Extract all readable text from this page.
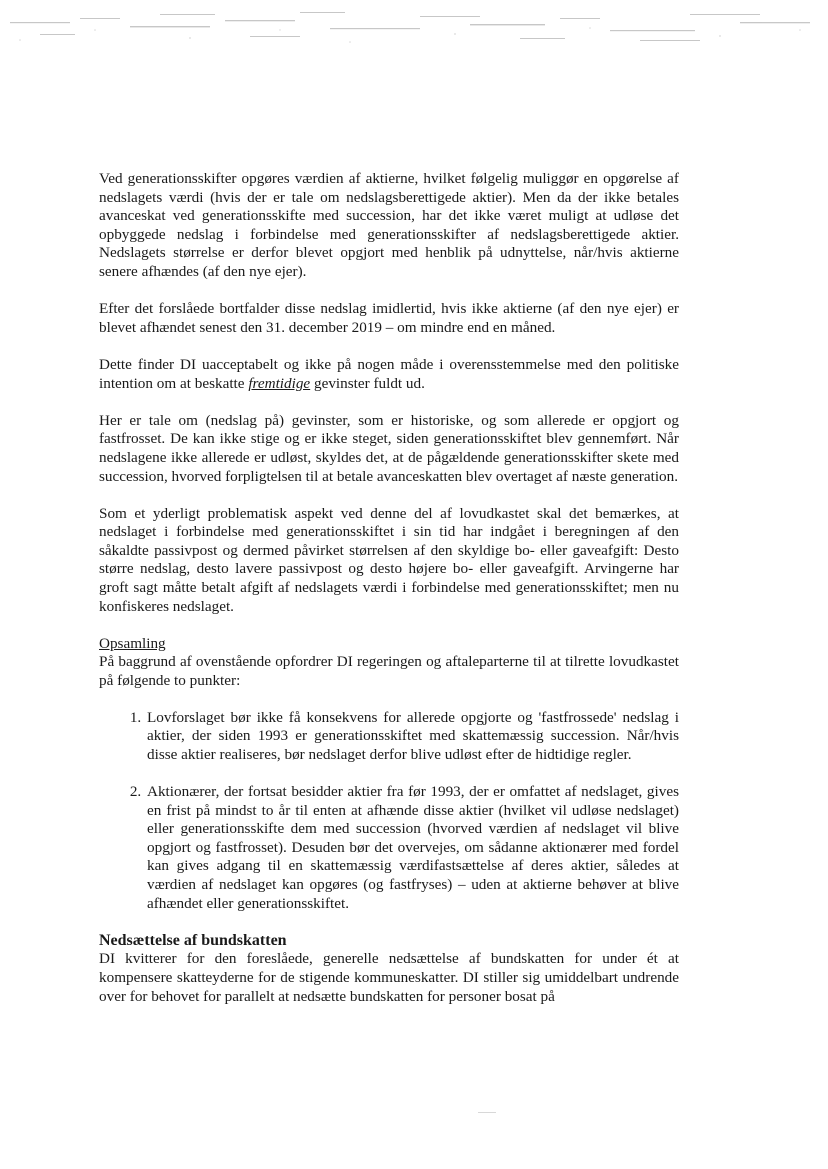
Ved generationsskifter opgøres værdien af aktierne, hvilket følgelig muliggør en opgørelse af nedslagets værdi (hvis der er tale om nedslagsberettigede aktier). Men da der ikke betales avanceskat ved generationsskifte med succession, har det ikke været muligt at udløse det opbyggede nedslag i forbindelse med generationsskifter af nedslagsberettigede aktier. Nedslagets størrelse er derfor blevet opgjort med henblik på udnyttelse, når/hvis aktierne senere afhændes (af den nye ejer).

Efter det forslåede bortfalder disse nedslag imidlertid, hvis ikke aktierne (af den nye ejer) er blevet afhændet senest den 31. december 2019 – om mindre end en måned.

Dette finder DI uacceptabelt og ikke på nogen måde i overensstemmelse med den politiske intention om at beskatte fremtidige gevinster fuldt ud.

Her er tale om (nedslag på) gevinster, som er historiske, og som allerede er opgjort og fastfrosset. De kan ikke stige og er ikke steget, siden generationsskiftet blev gennemført. Når nedslagene ikke allerede er udløst, skyldes det, at de pågældende generationsskifter skete med succession, hvorved forpligtelsen til at betale avanceskatten blev overtaget af næste generation.

Som et yderligt problematisk aspekt ved denne del af lovudkastet skal det bemærkes, at nedslaget i forbindelse med generationsskiftet i sin tid har indgået i beregningen af den såkaldte passivpost og dermed påvirket størrelsen af den skyldige bo- eller gaveafgift: Desto større nedslag, desto lavere passivpost og desto højere bo- eller gaveafgift. Arvingerne har groft sagt måtte betalt afgift af nedslagets værdi i forbindelse med generationsskiftet; men nu konfiskeres nedslaget.

Opsamling

På baggrund af ovenstående opfordrer DI regeringen og aftaleparterne til at tilrette lovudkastet på følgende to punkter:

1. Lovforslaget bør ikke få konsekvens for allerede opgjorte og 'fastfrossede' nedslag i aktier, der siden 1993 er generationsskiftet med skattemæssig succession. Når/hvis disse aktier realiseres, bør nedslaget derfor blive udløst efter de hidtidige regler.
2. Aktionærer, der fortsat besidder aktier fra før 1993, der er omfattet af nedslaget, gives en frist på mindst to år til enten at afhænde disse aktier (hvilket vil udløse nedslaget) eller generationsskifte dem med succession (hvorved værdien af nedslaget vil blive opgjort og fastfrosset). Desuden bør det overvejes, om sådanne aktionærer med fordel kan gives adgang til en skattemæssig værdifastsættelse af deres aktier, således at værdien af nedslaget kan opgøres (og fastfryses) – uden at aktierne behøver at blive afhændet eller generationsskiftet.
Nedsættelse af bundskatten

DI kvitterer for den foreslåede, generelle nedsættelse af bundskatten for under ét at kompensere skatteyderne for de stigende kommuneskatter. DI stiller sig umiddelbart undrende over for behovet for parallelt at nedsætte bundskatten for personer bosat på
